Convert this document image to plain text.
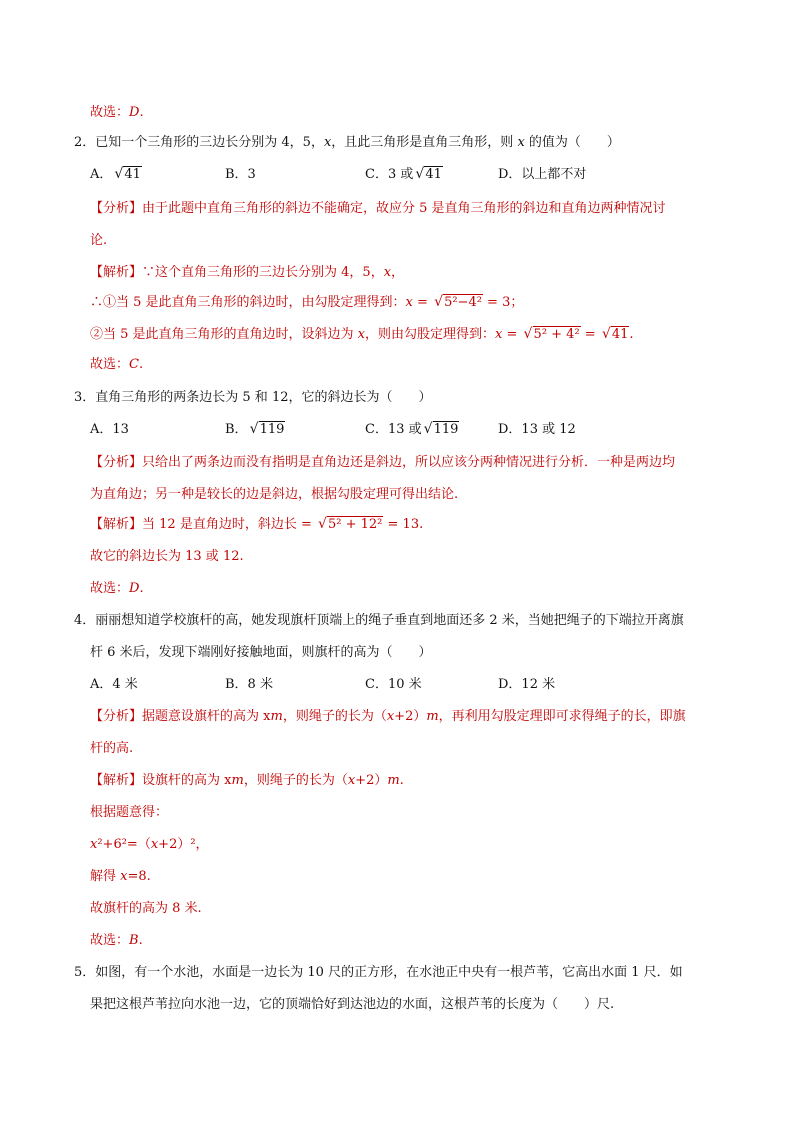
故选：D.
2．已知一个三角形的三边长分别为 4，5，x，且此三角形是直角三角形，则 x 的值为（　　）
A． √ 41	B．3	C．3 或 √ 41	D．以上都不对
【分析】由于此题中直角三角形的斜边不能确定，故应分 5 是直角三角形的斜边和直角边两种情况讨
论.
【解析】∵这个直角三角形的三边长分别为 4，5，x，
∴①当 5 是此直角三角形的斜边时，由勾股定理得到：x = √ 5²−4² = 3；
②当 5 是此直角三角形的直角边时，设斜边为 x，则由勾股定理得到：x = √ 5² + 4² = √ 41.
故选：C.
3．直角三角形的两条边长为 5 和 12，它的斜边长为（　　）
A．13	B． √ 119	C．13 或 √ 119	D．13 或 12
【分析】只给出了两条边而没有指明是直角边还是斜边，所以应该分两种情况进行分析．一种是两边均
为直角边；另一种是较长的边是斜边，根据勾股定理可得出结论.
【解析】当 12 是直角边时，斜边长 = √ 5² + 12² = 13.
故它的斜边长为 13 或 12.
故选：D.
4．丽丽想知道学校旗杆的高，她发现旗杆顶端上的绳子垂直到地面还多 2 米，当她把绳子的下端拉开离旗
杆 6 米后，发现下端刚好接触地面，则旗杆的高为（　　）
A．4 米	B．8 米	C．10 米	D．12 米
【分析】据题意设旗杆的高为 xm，则绳子的长为（x+2）m，再利用勾股定理即可求得绳子的长，即旗
杆的高.
【解析】设旗杆的高为 xm，则绳子的长为（x+2）m.
根据题意得：
x²+6²=（x+2）²，
解得 x=8.
故旗杆的高为 8 米.
故选：B.
5．如图，有一个水池，水面是一边长为 10 尺的正方形，在水池正中央有一根芦苇，它高出水面 1 尺．如
果把这根芦苇拉向水池一边，它的顶端恰好到达池边的水面，这根芦苇的长度为（　　）尺.
